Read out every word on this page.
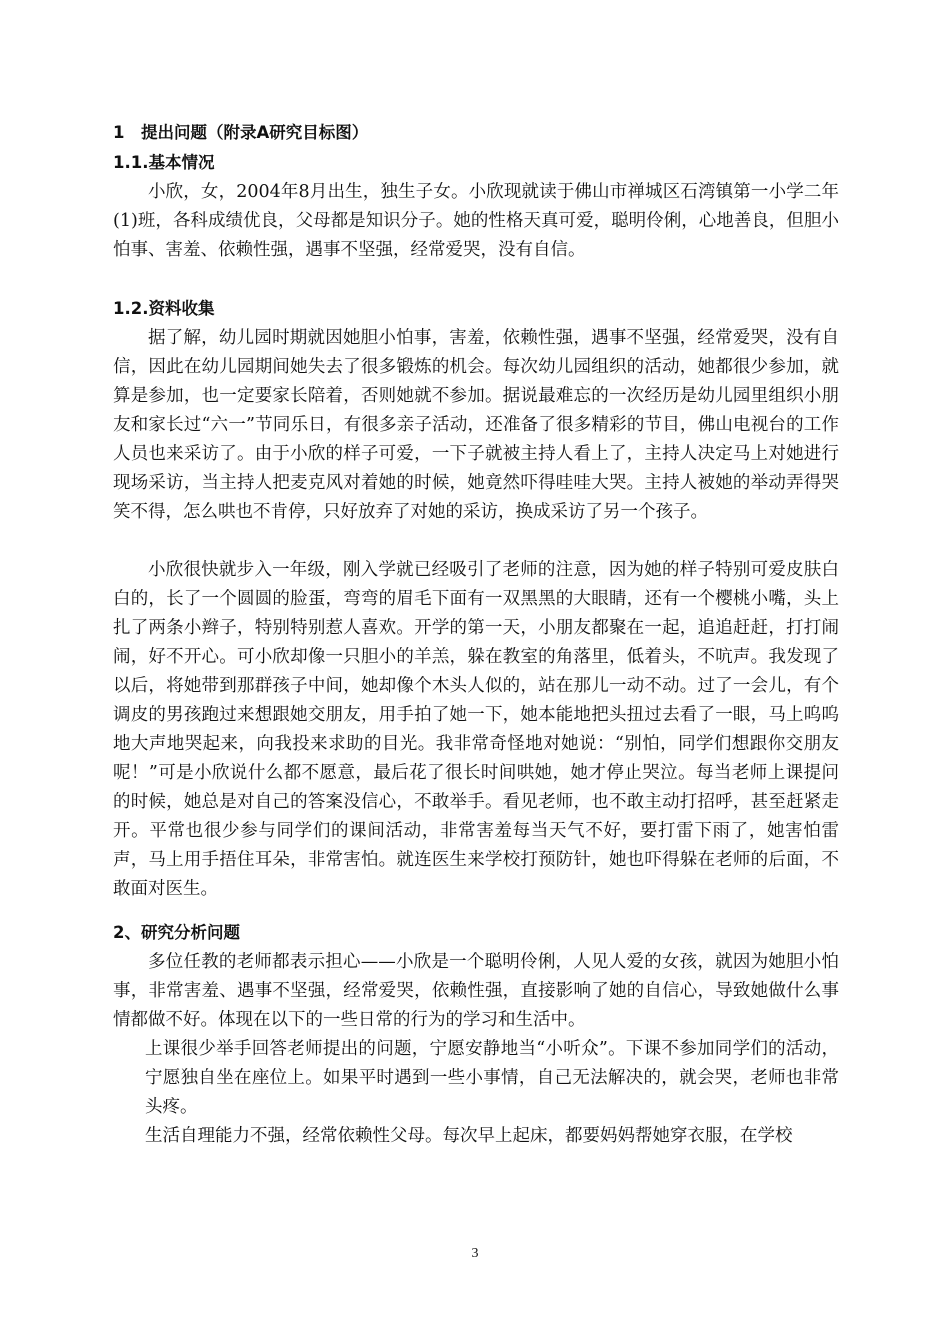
1　提出问题（附录A研究目标图）
1.1.基本情况

小欣，女，2004年8月出生，独生子女。小欣现就读于佛山市禅城区石湾镇第一小学二年(1)班，各科成绩优良，父母都是知识分子。她的性格天真可爱，聪明伶俐，心地善良，但胆小怕事、害羞、依赖性强，遇事不坚强，经常爱哭，没有自信。

1.2.资料收集

据了解，幼儿园时期就因她胆小怕事，害羞，依赖性强，遇事不坚强，经常爱哭，没有自信，因此在幼儿园期间她失去了很多锻炼的机会。每次幼儿园组织的活动，她都很少参加，就算是参加，也一定要家长陪着，否则她就不参加。据说最难忘的一次经历是幼儿园里组织小朋友和家长过“六一”节同乐日，有很多亲子活动，还准备了很多精彩的节目，佛山电视台的工作人员也来采访了。由于小欣的样子可爱，一下子就被主持人看上了，主持人决定马上对她进行现场采访，当主持人把麦克风对着她的时候，她竟然吓得哇哇大哭。主持人被她的举动弄得哭笑不得，怎么哄也不肯停，只好放弃了对她的采访，换成采访了另一个孩子。

小欣很快就步入一年级，刚入学就已经吸引了老师的注意，因为她的样子特别可爱皮肤白白的，长了一个圆圆的脸蛋，弯弯的眉毛下面有一双黑黑的大眼睛，还有一个樱桃小嘴，头上扎了两条小辫子，特别特别惹人喜欢。开学的第一天，小朋友都聚在一起，追追赶赶，打打闹闹，好不开心。可小欣却像一只胆小的羊羔，躲在教室的角落里，低着头，不吭声。我发现了以后，将她带到那群孩子中间，她却像个木头人似的，站在那儿一动不动。过了一会儿，有个调皮的男孩跑过来想跟她交朋友，用手拍了她一下，她本能地把头扭过去看了一眼，马上呜呜地大声地哭起来，向我投来求助的目光。我非常奇怪地对她说：“别怕，同学们想跟你交朋友呢！”可是小欣说什么都不愿意，最后花了很长时间哄她，她才停止哭泣。每当老师上课提问的时候，她总是对自己的答案没信心，不敢举手。看见老师，也不敢主动打招呼，甚至赶紧走开。平常也很少参与同学们的课间活动，非常害羞每当天气不好，要打雷下雨了，她害怕雷声，马上用手捂住耳朵，非常害怕。就连医生来学校打预防针，她也吓得躲在老师的后面，不敢面对医生。

2、研究分析问题

多位任教的老师都表示担心——小欣是一个聪明伶俐，人见人爱的女孩，就因为她胆小怕事，非常害羞、遇事不坚强，经常爱哭，依赖性强，直接影响了她的自信心，导致她做什么事情都做不好。体现在以下的一些日常的行为的学习和生活中。

上课很少举手回答老师提出的问题，宁愿安静地当“小听众”。下课不参加同学们的活动，宁愿独自坐在座位上。如果平时遇到一些小事情，自己无法解决的，就会哭，老师也非常头疼。
生活自理能力不强，经常依赖性父母。每次早上起床，都要妈妈帮她穿衣服，在学校
3
